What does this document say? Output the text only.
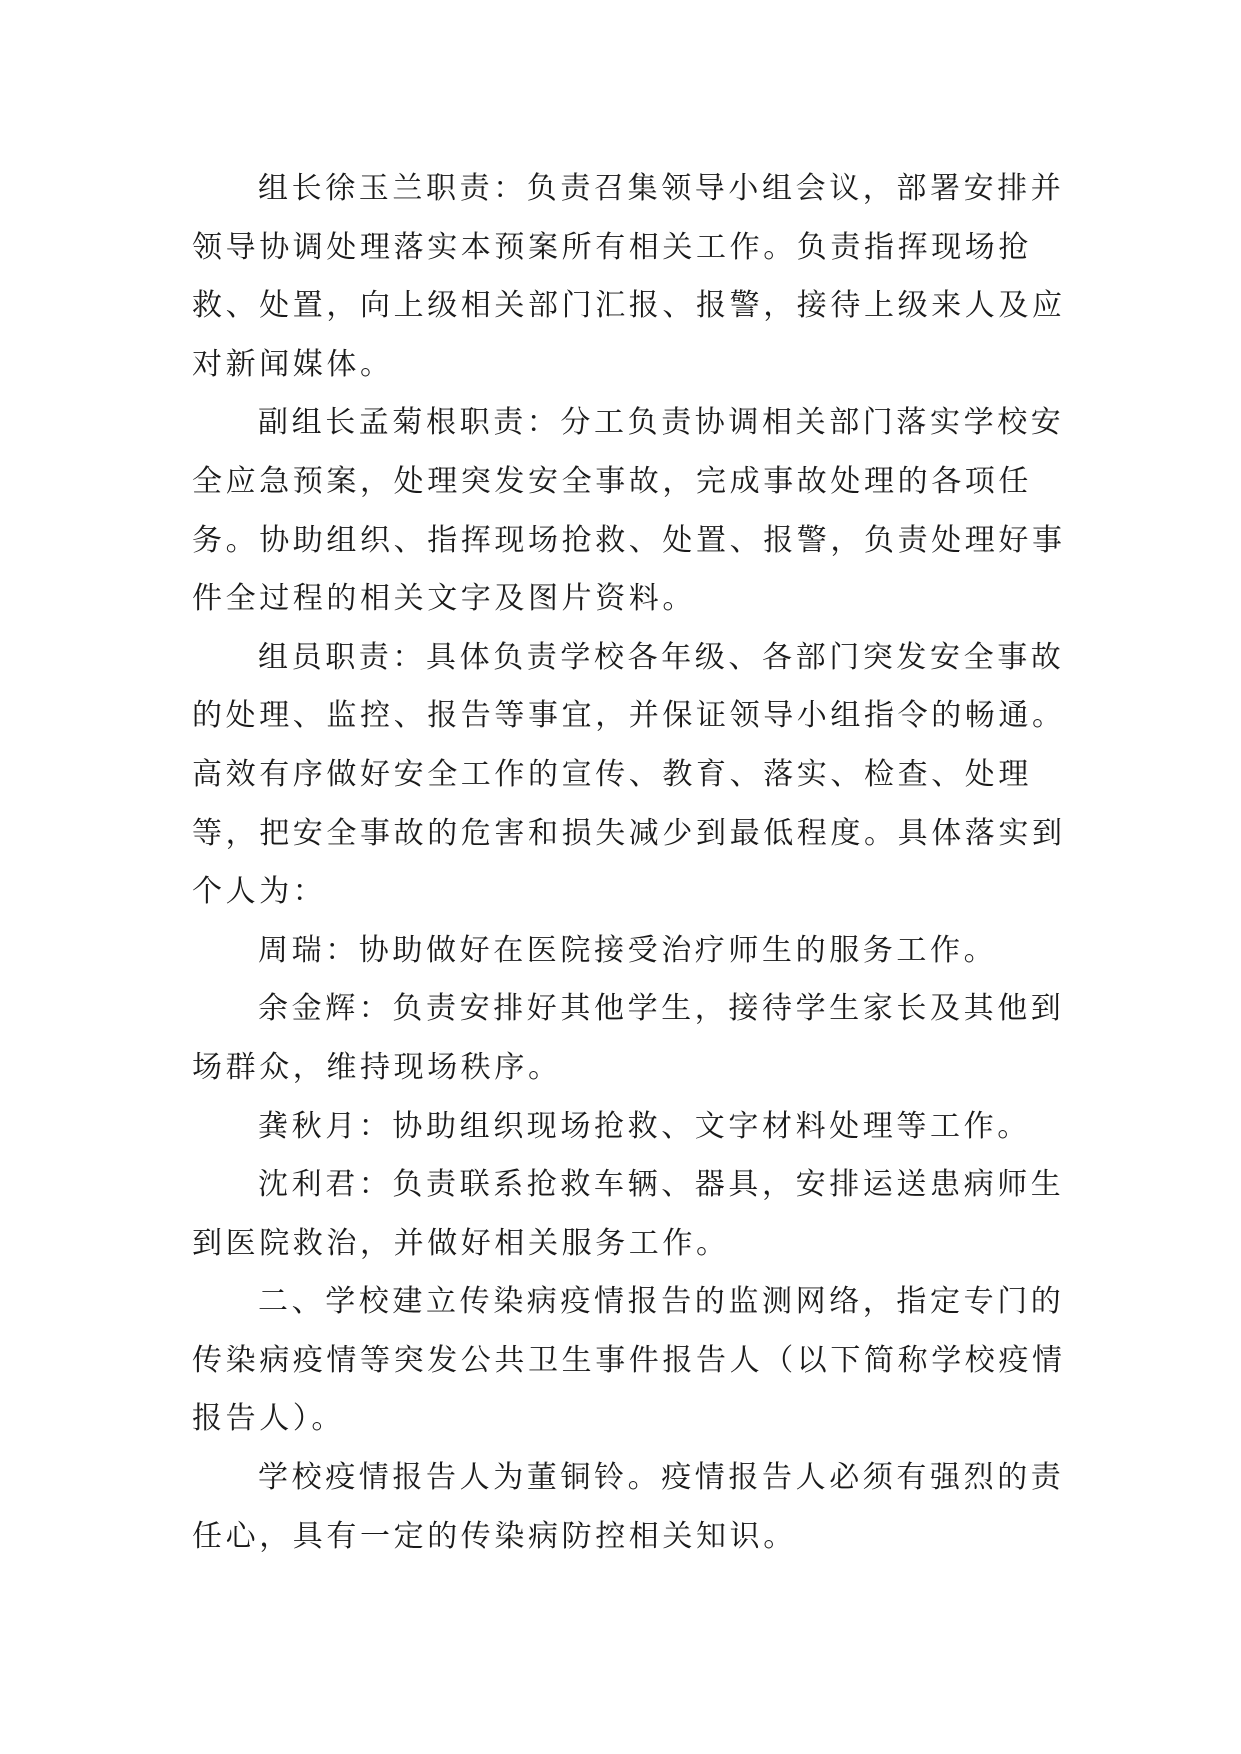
组长徐玉兰职责：负责召集领导小组会议，部署安排并领导协调处理落实本预案所有相关工作。负责指挥现场抢救、处置，向上级相关部门汇报、报警，接待上级来人及应对新闻媒体。

副组长孟菊根职责：分工负责协调相关部门落实学校安全应急预案，处理突发安全事故，完成事故处理的各项任务。协助组织、指挥现场抢救、处置、报警，负责处理好事件全过程的相关文字及图片资料。

组员职责：具体负责学校各年级、各部门突发安全事故的处理、监控、报告等事宜，并保证领导小组指令的畅通。高效有序做好安全工作的宣传、教育、落实、检查、处理等，把安全事故的危害和损失减少到最低程度。具体落实到个人为：

周瑞：协助做好在医院接受治疗师生的服务工作。

余金辉：负责安排好其他学生，接待学生家长及其他到场群众，维持现场秩序。

龚秋月：协助组织现场抢救、文字材料处理等工作。

沈利君：负责联系抢救车辆、器具，安排运送患病师生到医院救治，并做好相关服务工作。

二、学校建立传染病疫情报告的监测网络，指定专门的传染病疫情等突发公共卫生事件报告人（以下简称学校疫情报告人）。

学校疫情报告人为董铜铃。疫情报告人必须有强烈的责任心，具有一定的传染病防控相关知识。
